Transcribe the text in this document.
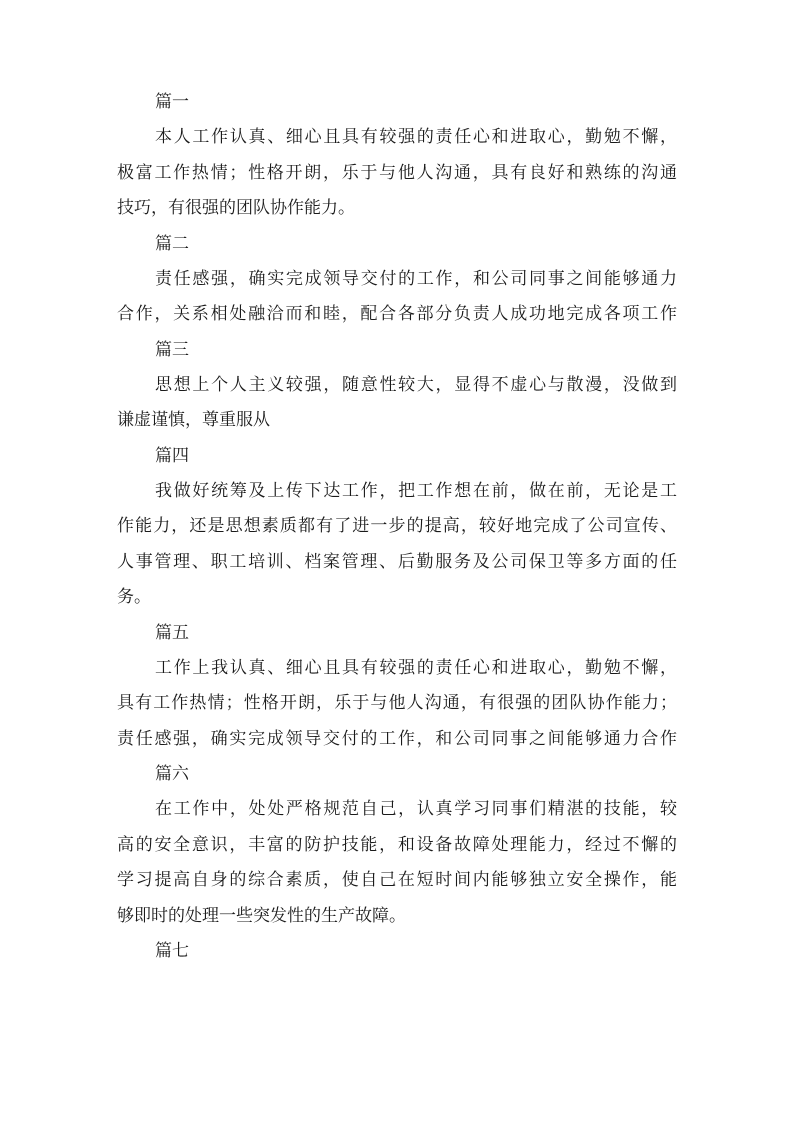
篇一
本人工作认真、细心且具有较强的责任心和进取心，勤勉不懈，
极富工作热情；性格开朗，乐于与他人沟通，具有良好和熟练的沟通
技巧，有很强的团队协作能力。
篇二
责任感强，确实完成领导交付的工作，和公司同事之间能够通力
合作，关系相处融洽而和睦，配合各部分负责人成功地完成各项工作
篇三
思想上个人主义较强，随意性较大，显得不虚心与散漫，没做到
谦虚谨慎，尊重服从
篇四
我做好统筹及上传下达工作，把工作想在前，做在前，无论是工
作能力，还是思想素质都有了进一步的提高，较好地完成了公司宣传、
人事管理、职工培训、档案管理、后勤服务及公司保卫等多方面的任
务。
篇五
工作上我认真、细心且具有较强的责任心和进取心，勤勉不懈，
具有工作热情；性格开朗，乐于与他人沟通，有很强的团队协作能力；
责任感强，确实完成领导交付的工作，和公司同事之间能够通力合作
篇六
在工作中，处处严格规范自己，认真学习同事们精湛的技能，较
高的安全意识，丰富的防护技能，和设备故障处理能力，经过不懈的
学习提高自身的综合素质，使自己在短时间内能够独立安全操作，能
够即时的处理一些突发性的生产故障。
篇七
